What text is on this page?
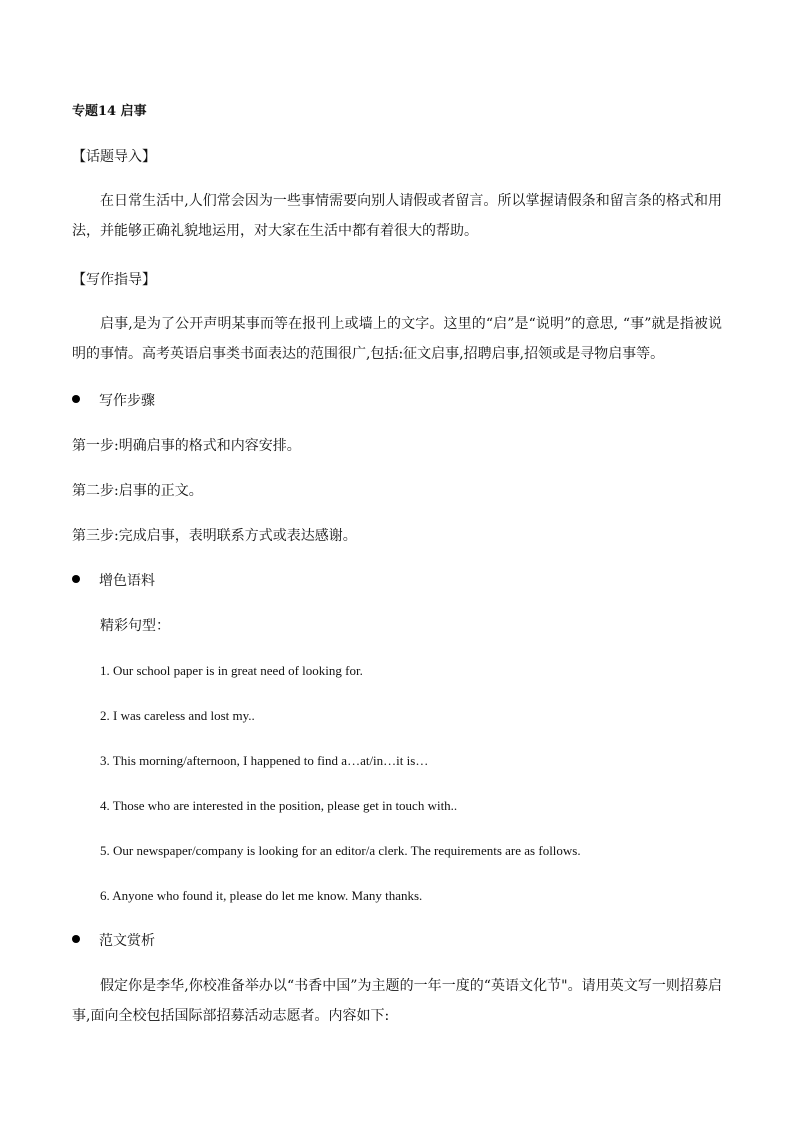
专题14 启事
【话题导入】
在日常生活中,人们常会因为一些事情需要向别人请假或者留言。所以掌握请假条和留言条的格式和用法，并能够正确礼貌地运用，对大家在生活中都有着很大的帮助。
【写作指导】
启事,是为了公开声明某事而等在报刊上或墙上的文字。这里的“启”是“说明”的意思, “事”就是指被说明的事情。高考英语启事类书面表达的范围很广,包括:征文启事,招聘启事,招领或是寻物启事等。
写作步骤
第一步:明确启事的格式和内容安排。
第二步:启事的正文。
第三步:完成启事，表明联系方式或表达感谢。
增色语料
精彩句型：
1. Our school paper is in great need of looking for.
2. I was careless and lost my..
3. This morning/afternoon, I happened to find a…at/in…it is…
4. Those who are interested in the position, please get in touch with..
5. Our newspaper/company is looking for an editor/a clerk. The requirements are as follows.
6. Anyone who found it, please do let me know. Many thanks.
范文赏析
假定你是李华,你校准备举办以“书香中国”为主题的一年一度的“英语文化节"。请用英文写一则招募启事,面向全校包括国际部招募活动志愿者。内容如下:
